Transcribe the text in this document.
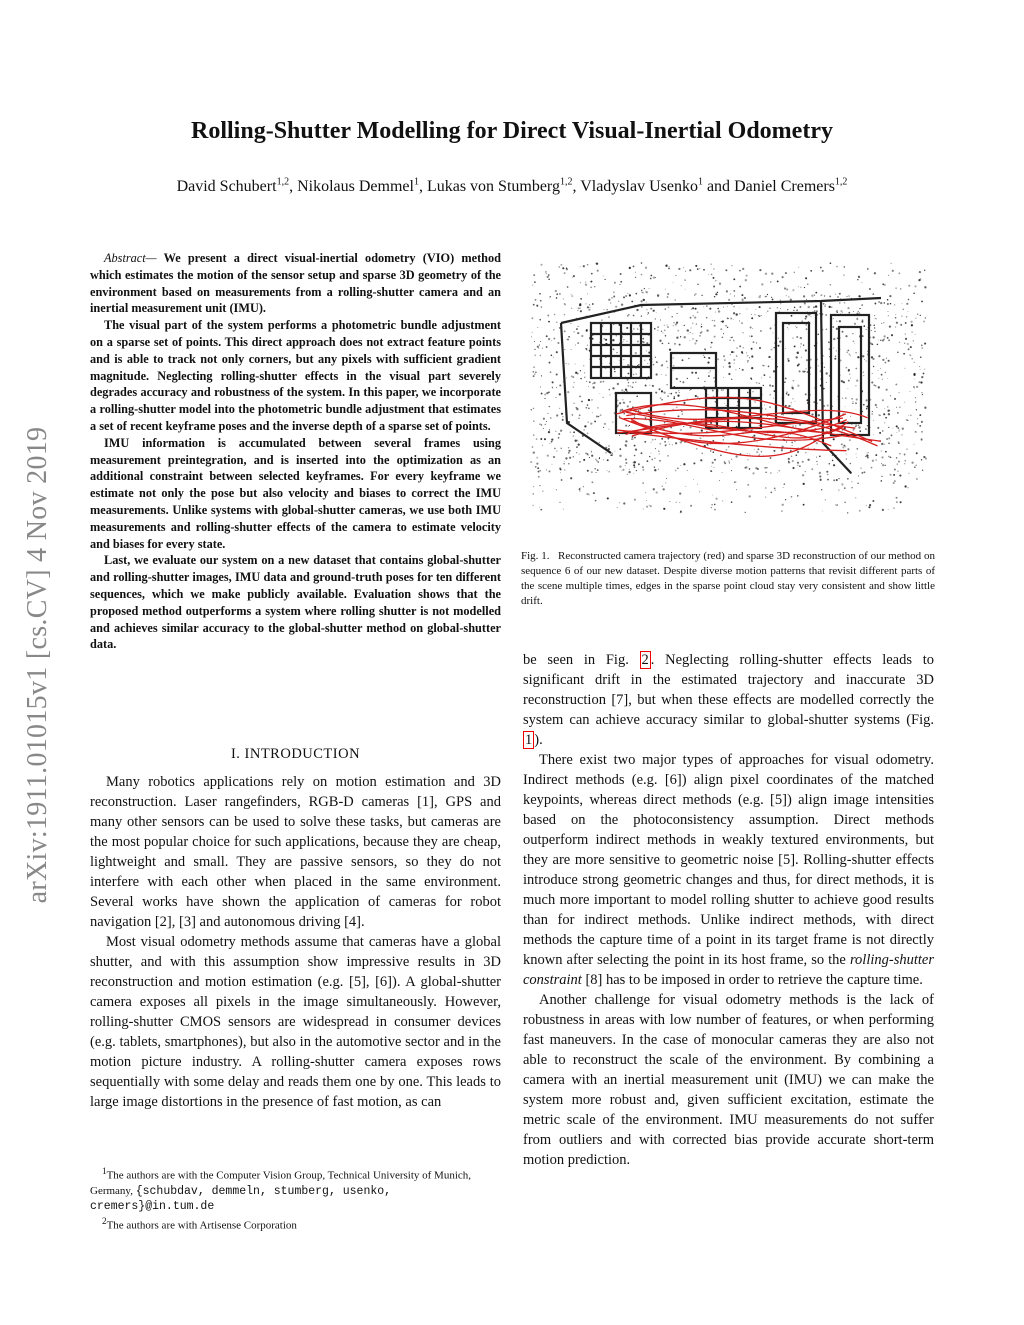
Rolling-Shutter Modelling for Direct Visual-Inertial Odometry
David Schubert$^{1,2}$, Nikolaus Demmel$^1$, Lukas von Stumberg$^{1,2}$, Vladyslav Usenko$^1$ and Daniel Cremers$^{1,2}$
arXiv:1911.01015v1 [cs.CV] 4 Nov 2019

Abstract— We present a direct visual-inertial odometry (VIO) method which estimates the motion of the sensor setup and sparse 3D geometry of the environment based on measurements from a rolling-shutter camera and an inertial measurement unit (IMU).

The visual part of the system performs a photometric bundle adjustment on a sparse set of points. This direct approach does not extract feature points and is able to track not only corners, but any pixels with sufficient gradient magnitude. Neglecting rolling-shutter effects in the visual part severely degrades accuracy and robustness of the system. In this paper, we incorporate a rolling-shutter model into the photometric bundle adjustment that estimates a set of recent keyframe poses and the inverse depth of a sparse set of points.

IMU information is accumulated between several frames using measurement preintegration, and is inserted into the optimization as an additional constraint between selected keyframes. For every keyframe we estimate not only the pose but also velocity and biases to correct the IMU measurements. Unlike systems with global-shutter cameras, we use both IMU measurements and rolling-shutter effects of the camera to estimate velocity and biases for every state.

Last, we evaluate our system on a new dataset that contains global-shutter and rolling-shutter images, IMU data and ground-truth poses for ten different sequences, which we make publicly available. Evaluation shows that the proposed method outperforms a system where rolling shutter is not modelled and achieves similar accuracy to the global-shutter method on global-shutter data.

I. INTRODUCTION

Many robotics applications rely on motion estimation and 3D reconstruction. Laser rangefinders, RGB-D cameras [1], GPS and many other sensors can be used to solve these tasks, but cameras are the most popular choice for such applications, because they are cheap, lightweight and small. They are passive sensors, so they do not interfere with each other when placed in the same environment. Several works have shown the application of cameras for robot navigation [2], [3] and autonomous driving [4].

Most visual odometry methods assume that cameras have a global shutter, and with this assumption show impressive results in 3D reconstruction and motion estimation (e.g. [5], [6]). A global-shutter camera exposes all pixels in the image simultaneously. However, rolling-shutter CMOS sensors are widespread in consumer devices (e.g. tablets, smartphones), but also in the automotive sector and in the motion picture industry. A rolling-shutter camera exposes rows sequentially with some delay and reads them one by one. This leads to large image distortions in the presence of fast motion, as can

$^1$The authors are with the Computer Vision Group, Technical University of Munich, Germany, {schubdav, demmeln, stumberg, usenko, cremers}@in.tum.de

$^2$The authors are with Artisense Corporation

Fig. 1. Reconstructed camera trajectory (red) and sparse 3D reconstruction of our method on sequence 6 of our new dataset. Despite diverse motion patterns that revisit different parts of the scene multiple times, edges in the sparse point cloud stay very consistent and show little drift.

be seen in Fig. 2 . Neglecting rolling-shutter effects leads to significant drift in the estimated trajectory and inaccurate 3D reconstruction [7], but when these effects are modelled correctly the system can achieve accuracy similar to global-shutter systems (Fig. 1 ).

There exist two major types of approaches for visual odometry. Indirect methods (e.g. [6]) align pixel coordinates of the matched keypoints, whereas direct methods (e.g. [5]) align image intensities based on the photoconsistency assumption. Direct methods outperform indirect methods in weakly textured environments, but they are more sensitive to geometric noise [5]. Rolling-shutter effects introduce strong geometric changes and thus, for direct methods, it is much more important to model rolling shutter to achieve good results than for indirect methods. Unlike indirect methods, with direct methods the capture time of a point in its target frame is not directly known after selecting the point in its host frame, so the rolling-shutter constraint [8] has to be imposed in order to retrieve the capture time.

Another challenge for visual odometry methods is the lack of robustness in areas with low number of features, or when performing fast maneuvers. In the case of monocular cameras they are also not able to reconstruct the scale of the environment. By combining a camera with an inertial measurement unit (IMU) we can make the system more robust and, given sufficient excitation, estimate the metric scale of the environment. IMU measurements do not suffer from outliers and with corrected bias provide accurate short-term motion prediction.
